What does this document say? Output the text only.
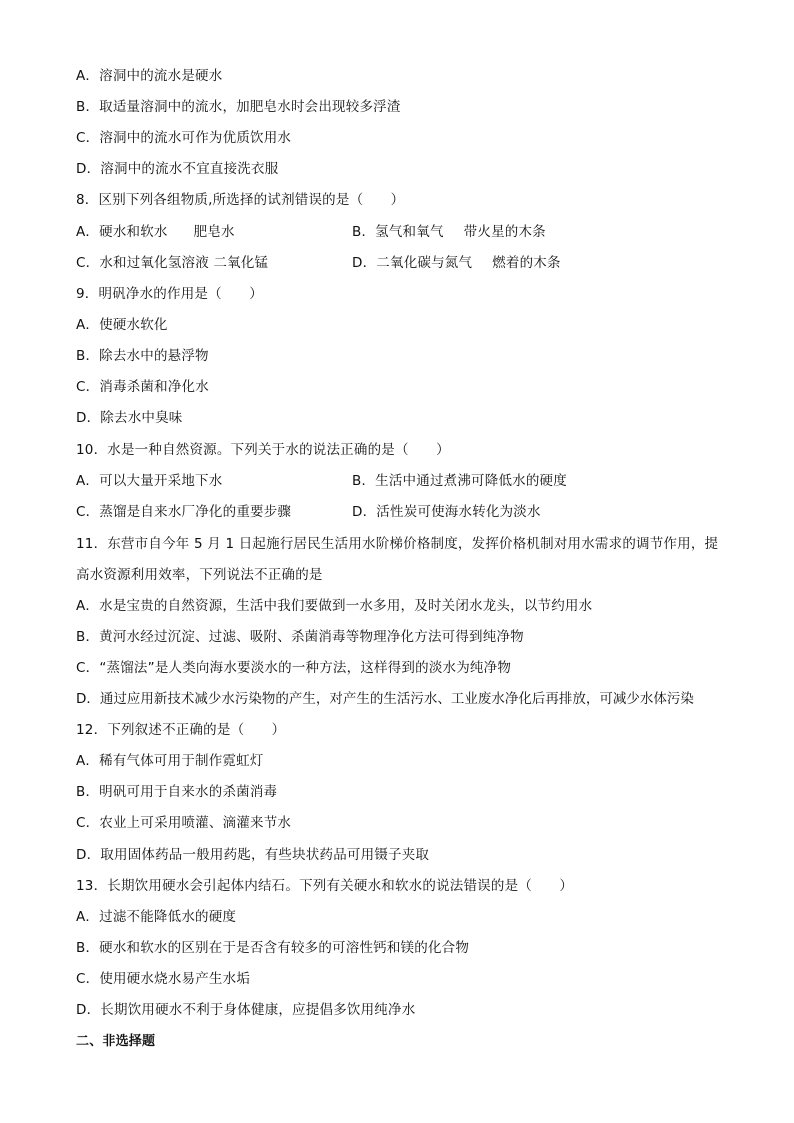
A．溶洞中的流水是硬水
B．取适量溶洞中的流水，加肥皂水时会出现较多浮渣
C．溶洞中的流水可作为优质饮用水
D．溶洞中的流水不宜直接洗衣服
8．区别下列各组物质,所选择的试剂错误的是（　　）
A．硬水和软水 肥皂水	B．氢气和氧气 带火星的木条
C．水和过氧化氢溶液 二氧化锰	D．二氧化碳与氮气 燃着的木条
9．明矾净水的作用是（　　）
A．使硬水软化
B．除去水中的悬浮物
C．消毒杀菌和净化水
D．除去水中臭味
10．水是一种自然资源。下列关于水的说法正确的是（　　）
A．可以大量开采地下水	B．生活中通过煮沸可降低水的硬度
C．蒸馏是自来水厂净化的重要步骤	D．活性炭可使海水转化为淡水
11．东营市自今年 5 月 1 日起施行居民生活用水阶梯价格制度，发挥价格机制对用水需求的调节作用，提
高水资源利用效率，下列说法不正确的是
A．水是宝贵的自然资源，生活中我们要做到一水多用，及时关闭水龙头，以节约用水
B．黄河水经过沉淀、过滤、吸附、杀菌消毒等物理净化方法可得到纯净物
C．“蒸馏法”是人类向海水要淡水的一种方法，这样得到的淡水为纯净物
D．通过应用新技术减少水污染物的产生，对产生的生活污水、工业废水净化后再排放，可减少水体污染
12．下列叙述不正确的是（　　）
A．稀有气体可用于制作霓虹灯
B．明矾可用于自来水的杀菌消毒
C．农业上可采用喷灌、滴灌来节水
D．取用固体药品一般用药匙，有些块状药品可用镊子夹取
13．长期饮用硬水会引起体内结石。下列有关硬水和软水的说法错误的是（　　）
A．过滤不能降低水的硬度
B．硬水和软水的区别在于是否含有较多的可溶性钙和镁的化合物
C．使用硬水烧水易产生水垢
D．长期饮用硬水不利于身体健康，应提倡多饮用纯净水
二、非选择题
